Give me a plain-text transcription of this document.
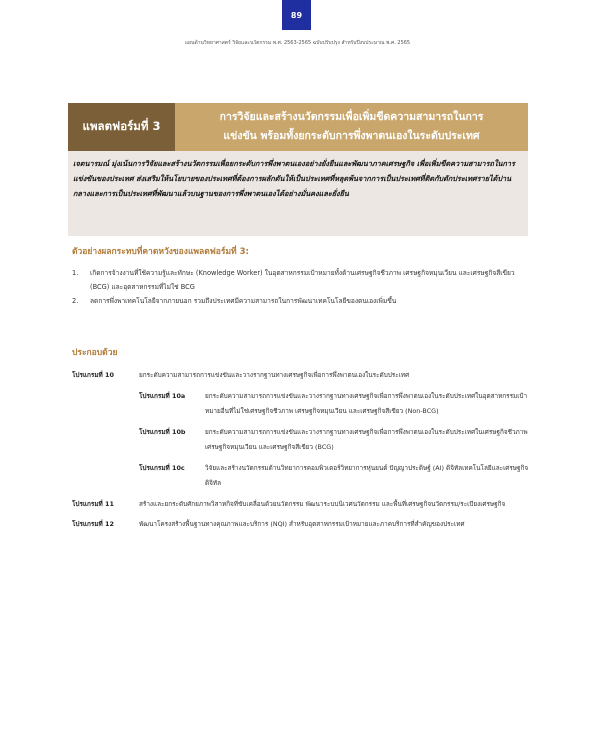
89
แผนด้านวิทยาศาสตร์ วิจัยและนวัตกรรม พ.ศ. 2563-2565 ฉบับปรับปรุง สำหรับปีงบประมาณ พ.ศ. 2565
แพลตฟอร์มที่ 3
การวิจัยและสร้างนวัตกรรมเพื่อเพิ่มขีดความสามารถในการ
แข่งขัน พร้อมทั้งยกระดับการพึ่งพาตนเองในระดับประเทศ
เจตนารมณ์ มุ่งเน้นการวิจัยและสร้างนวัตกรรมเพื่อยกระดับการพึ่งพาตนเองอย่างยั่งยืนและพัฒนาภาคเศรษฐกิจ เพื่อเพิ่มขีดความสามารถในการแข่งขันของประเทศ ส่งเสริมให้นโยบายของประเทศที่ต้องการผลักดันให้เป็นประเทศที่หลุดพ้นจากการเป็นประเทศที่ติดกับดักประเทศรายได้ปานกลางและการเป็นประเทศที่พัฒนาแล้วบนฐานของการพึ่งพาตนเองได้อย่างมั่นคงและยั่งยืน
ตัวอย่างผลกระทบที่คาดหวังของแพลตฟอร์มที่ 3:
1.	เกิดการจ้างงานที่ใช้ความรู้และทักษะ (Knowledge Worker) ในอุตสาหกรรมเป้าหมายทั้งด้านเศรษฐกิจชีวภาพ เศรษฐกิจหมุนเวียน และเศรษฐกิจสีเขียว (BCG) และอุตสาหกรรมที่ไม่ใช่ BCG
2.	ลดการพึ่งพาเทคโนโลยีจากภายนอก รวมถึงประเทศมีความสามารถในการพัฒนาเทคโนโลยีของตนเองเพิ่มขึ้น
ประกอบด้วย
โปรแกรมที่ 10	ยกระดับความสามารถการแข่งขันและวางรากฐานทางเศรษฐกิจเพื่อการพึ่งพาตนเองในระดับประเทศ
โปรแกรมที่ 10a	ยกระดับความสามารถการแข่งขันและวางรากฐานทางเศรษฐกิจเพื่อการพึ่งพาตนเองในระดับประเทศในอุตสาหกรรมเป้าหมายอื่นที่ไม่ใช่เศรษฐกิจชีวภาพ เศรษฐกิจหมุนเวียน และเศรษฐกิจสีเขียว (Non-BCG)
โปรแกรมที่ 10b	ยกระดับความสามารถการแข่งขันและวางรากฐานทางเศรษฐกิจเพื่อการพึ่งพาตนเองในระดับประเทศในเศรษฐกิจชีวภาพ เศรษฐกิจหมุนเวียน และเศรษฐกิจสีเขียว (BCG)
โปรแกรมที่ 10c	วิจัยและสร้างนวัตกรรมด้านวิทยาการคอมพิวเตอร์วิทยาการหุ่นยนต์ ปัญญาประดิษฐ์ (AI) ดิจิทัลเทคโนโลยีและเศรษฐกิจดิจิทัล
โปรแกรมที่ 11	สร้างและยกระดับศักยภาพวิสาหกิจที่ขับเคลื่อนด้วยนวัตกรรม พัฒนาระบบนิเวศนวัตกรรม และพื้นที่เศรษฐกิจนวัตกรรม/ระเบียงเศรษฐกิจ
โปรแกรมที่ 12	พัฒนาโครงสร้างพื้นฐานทางคุณภาพและบริการ (NQI) สำหรับอุตสาหกรรมเป้าหมายและภาคบริการที่สำคัญของประเทศ
